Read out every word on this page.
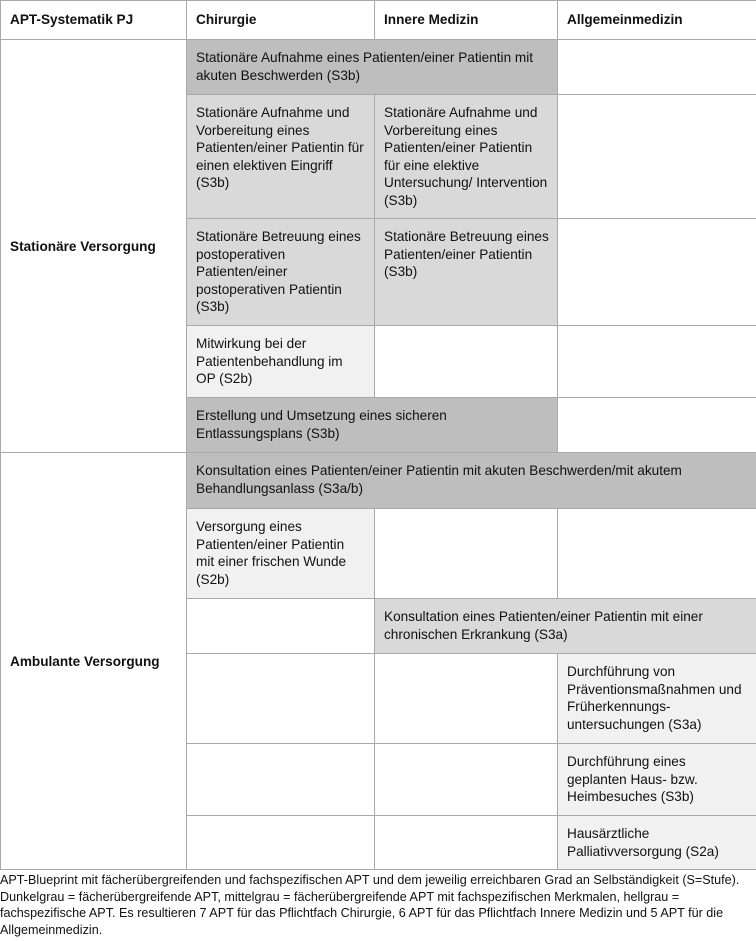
APT-Systematik PJ	Chirurgie	Innere Medizin	Allgemeinmedizin
Stationäre Versorgung	Stationäre Aufnahme eines Patienten/einer Patientin mit akuten Beschwerden (S3b)		
	Stationäre Aufnahme und Vorbereitung eines Patienten/einer Patientin für einen elektiven Eingriff (S3b)	Stationäre Aufnahme und Vorbereitung eines Patienten/einer Patientin für eine elektive Untersuchung/ Intervention (S3b)	
	Stationäre Betreuung eines postoperativen Patienten/einer postoperativen Patientin (S3b)	Stationäre Betreuung eines Patienten/einer Patientin (S3b)	
	Mitwirkung bei der Patientenbehandlung im OP (S2b)		
	Erstellung und Umsetzung eines sicheren Entlassungsplans (S3b)		
Ambulante Versorgung	Konsultation eines Patienten/einer Patientin mit akuten Beschwerden/mit akutem Behandlungsanlass (S3a/b)		
	Versorgung eines Patienten/einer Patientin mit einer frischen Wunde (S2b)		
		Konsultation eines Patienten/einer Patientin mit einer chronischen Erkrankung (S3a)	
			Durchführung von Präventionsmaßnahmen und Früherkennungs-untersuchungen (S3a)
			Durchführung eines geplanten Haus- bzw. Heimbesuches (S3b)
			Hausärztliche Palliativversorgung (S2a)
APT-Blueprint mit fächerübergreifenden und fachspezifischen APT und dem jeweilig erreichbaren Grad an Selbständigkeit (S=Stufe). Dunkelgrau = fächerübergreifende APT, mittelgrau = fächerübergreifende APT mit fachspezifischen Merkmalen, hellgrau = fachspezifische APT. Es resultieren 7 APT für das Pflichtfach Chirurgie, 6 APT für das Pflichtfach Innere Medizin und 5 APT für die Allgemeinmedizin.
